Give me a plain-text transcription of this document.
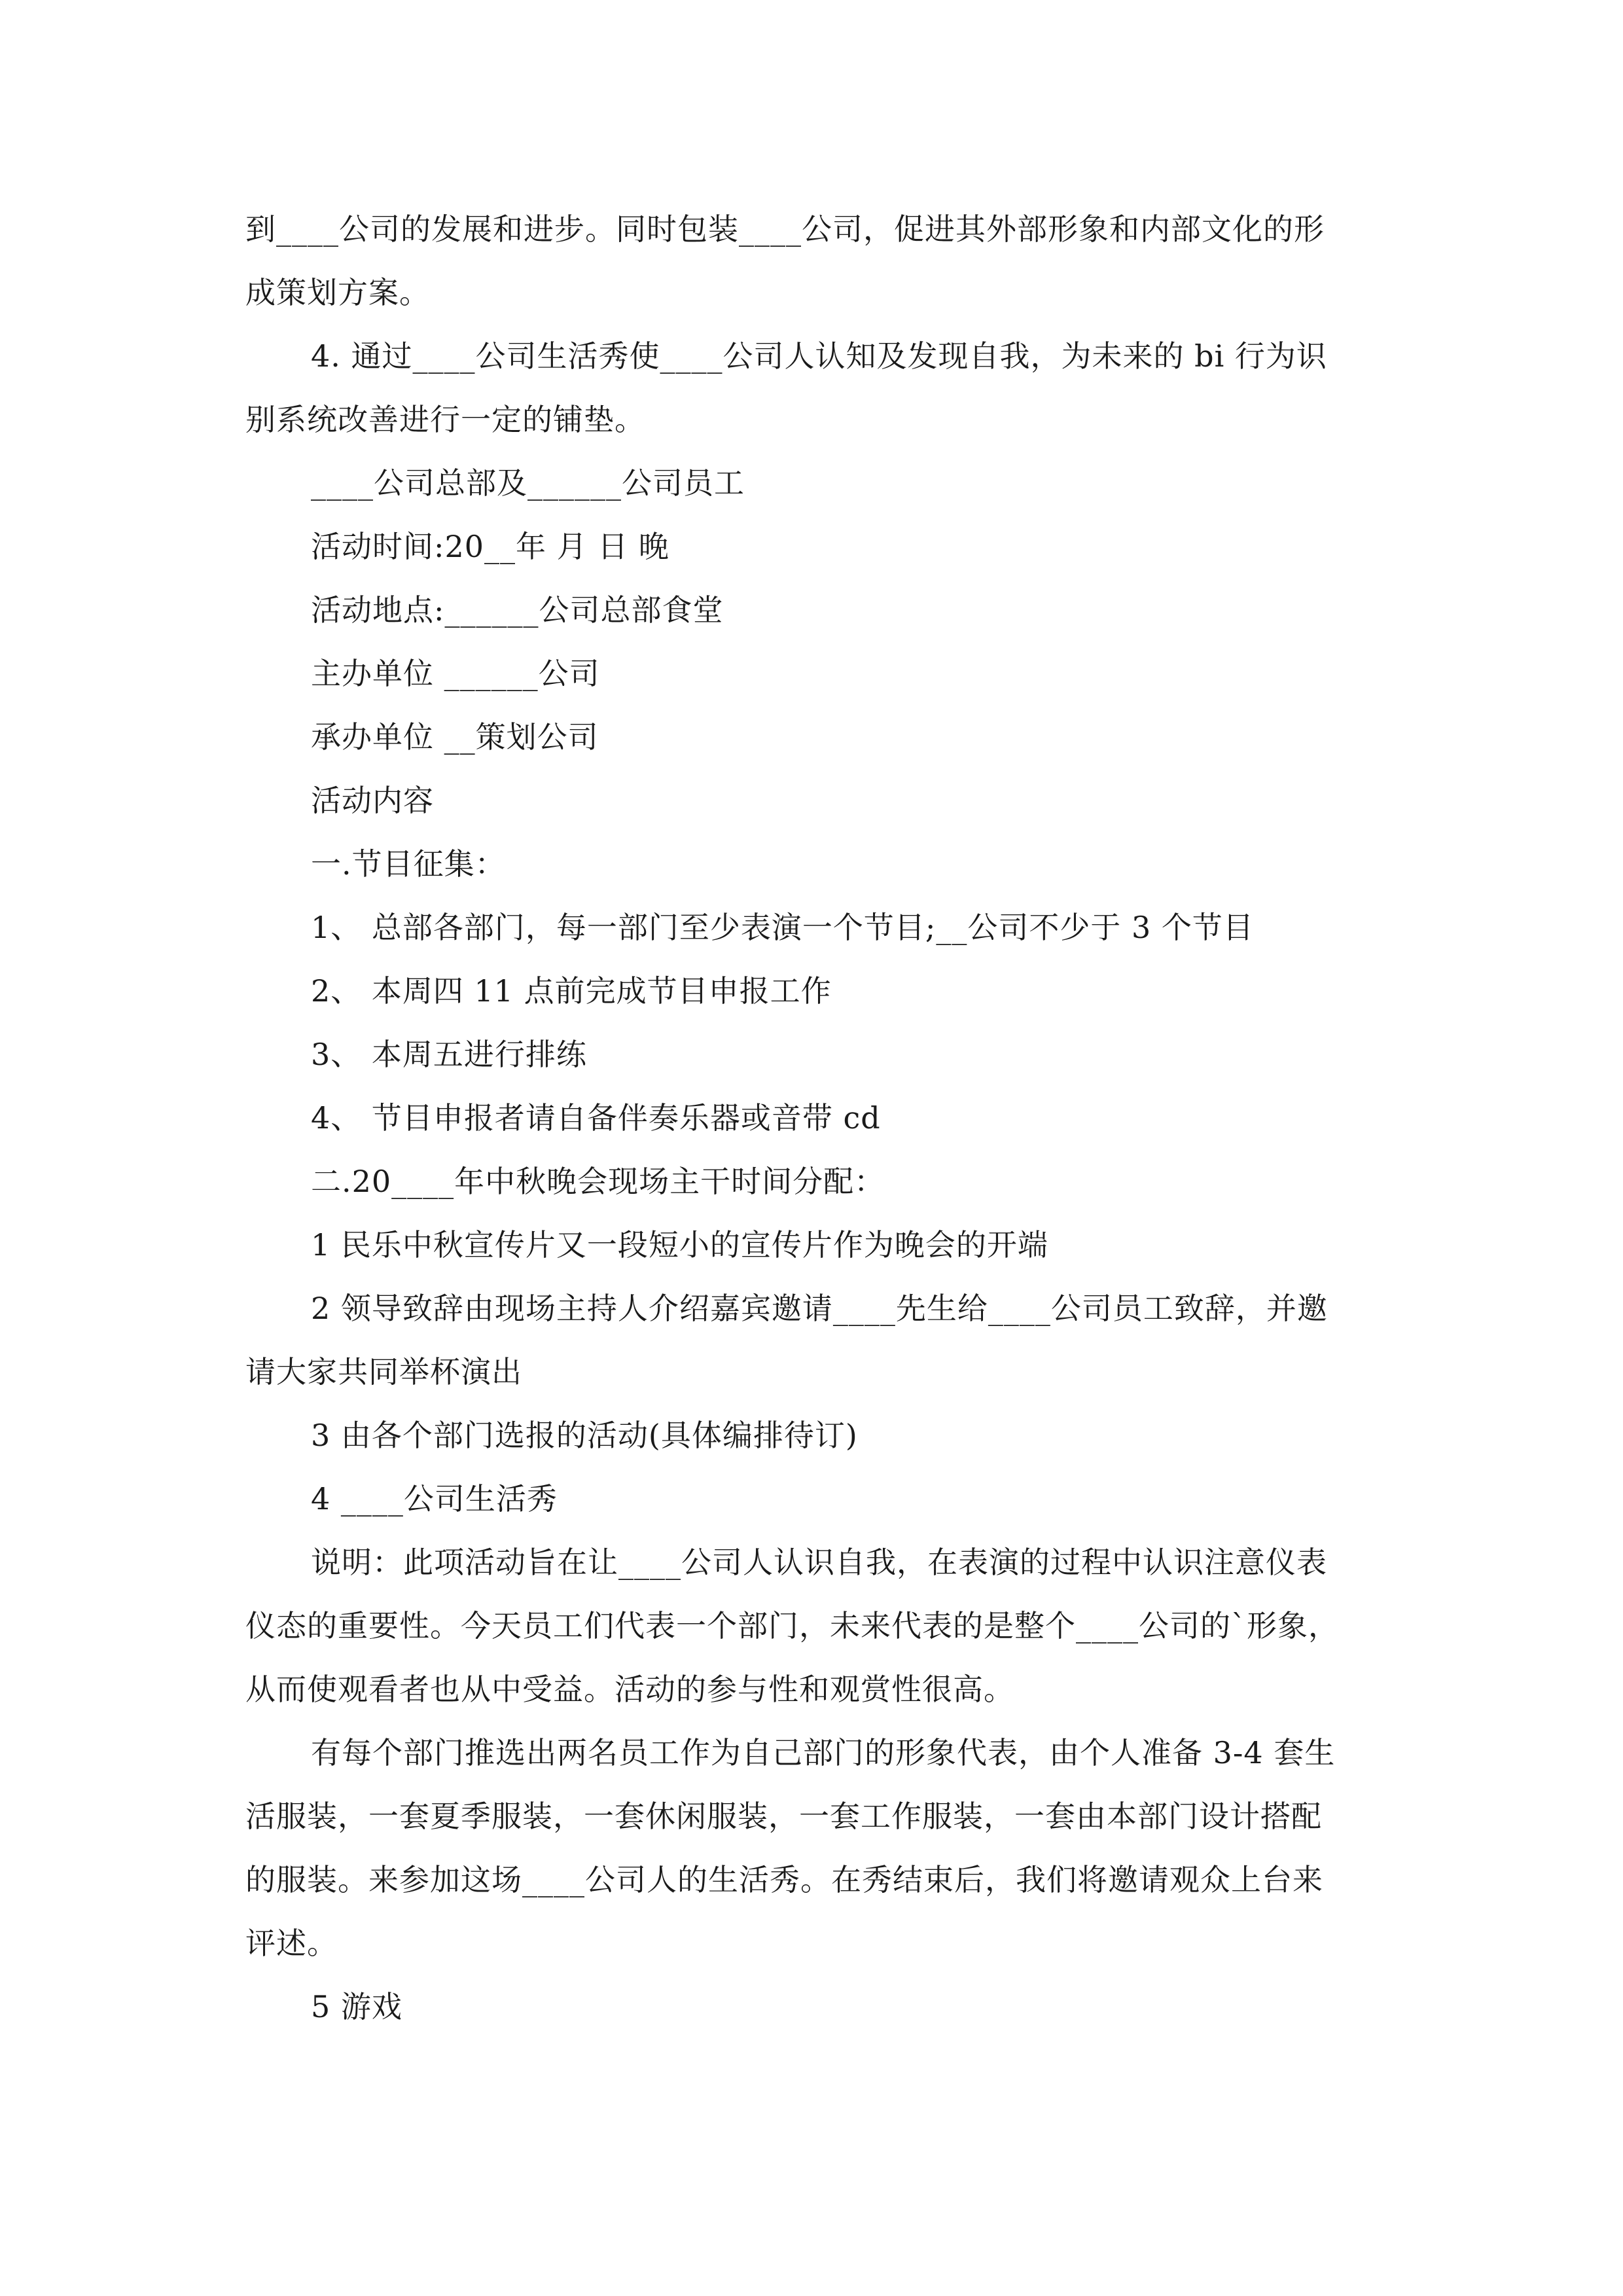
到____公司的发展和进步。同时包装____公司，促进其外部形象和内部文化的形
成策划方案。
4. 通过____公司生活秀使____公司人认知及发现自我，为未来的 bi 行为识
别系统改善进行一定的铺垫。
____公司总部及______公司员工
活动时间:20__年 月 日 晚
活动地点:______公司总部食堂
主办单位 ______公司
承办单位 __策划公司
活动内容
一.节目征集：
1、 总部各部门，每一部门至少表演一个节目;__公司不少于 3 个节目
2、 本周四 11 点前完成节目申报工作
3、 本周五进行排练
4、 节目申报者请自备伴奏乐器或音带 cd
二.20____年中秋晚会现场主干时间分配：
1 民乐中秋宣传片又一段短小的宣传片作为晚会的开端
2 领导致辞由现场主持人介绍嘉宾邀请____先生给____公司员工致辞，并邀
请大家共同举杯演出
3 由各个部门选报的活动(具体编排待订)
4 ____公司生活秀
说明：此项活动旨在让____公司人认识自我，在表演的过程中认识注意仪表
仪态的重要性。今天员工们代表一个部门，未来代表的是整个____公司的`形象，
从而使观看者也从中受益。活动的参与性和观赏性很高。
有每个部门推选出两名员工作为自己部门的形象代表，由个人准备 3-4 套生
活服装，一套夏季服装，一套休闲服装，一套工作服装，一套由本部门设计搭配
的服装。来参加这场____公司人的生活秀。在秀结束后，我们将邀请观众上台来
评述。
5 游戏
